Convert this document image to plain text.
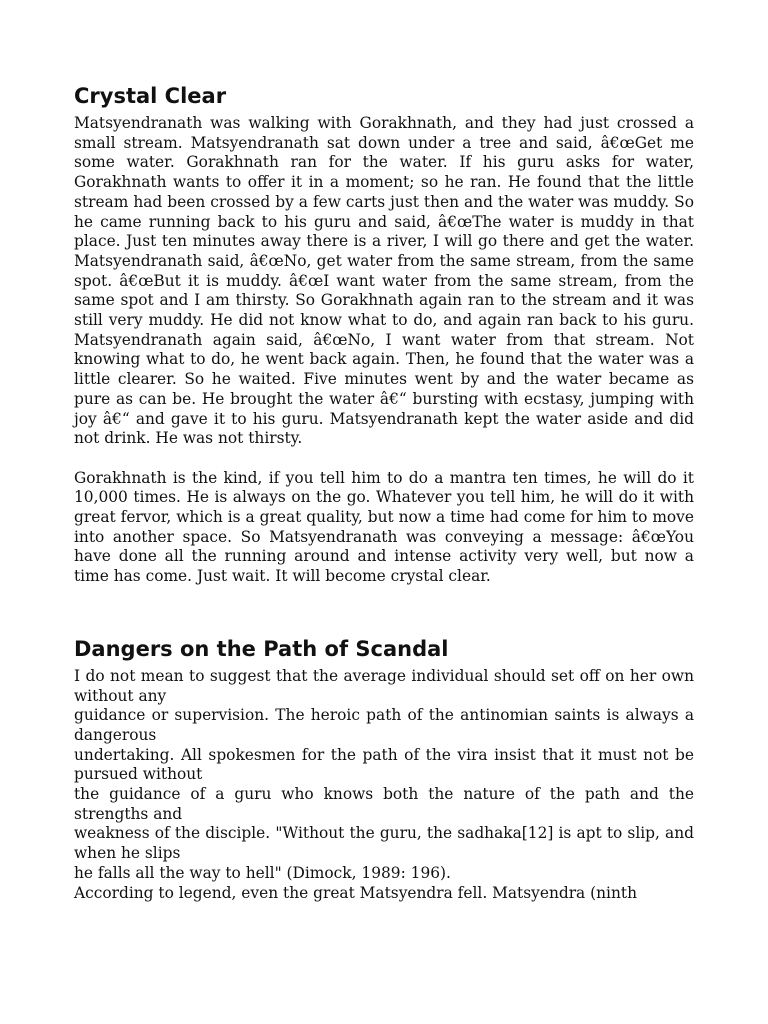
Crystal Clear

Matsyendranath was walking with Gorakhnath, and they had just crossed a small stream. Matsyendranath sat down under a tree and said, â€œGet me some water. Gorakhnath ran for the water. If his guru asks for water, Gorakhnath wants to offer it in a moment; so he ran. He found that the little stream had been crossed by a few carts just then and the water was muddy. So he came running back to his guru and said, â€œThe water is muddy in that place. Just ten minutes away there is a river, I will go there and get the water. Matsyendranath said, â€œNo, get water from the same stream, from the same spot. â€œBut it is muddy. â€œI want water from the same stream, from the same spot and I am thirsty. So Gorakhnath again ran to the stream and it was still very muddy. He did not know what to do, and again ran back to his guru. Matsyendranath again said, â€œNo, I want water from that stream. Not knowing what to do, he went back again. Then, he found that the water was a little clearer. So he waited. Five minutes went by and the water became as pure as can be. He brought the water â€“ bursting with ecstasy, jumping with joy â€“ and gave it to his guru. Matsyendranath kept the water aside and did not drink. He was not thirsty.

Gorakhnath is the kind, if you tell him to do a mantra ten times, he will do it 10,000 times. He is always on the go. Whatever you tell him, he will do it with great fervor, which is a great quality, but now a time had come for him to move into another space. So Matsyendranath was conveying a message: â€œYou have done all the running around and intense activity very well, but now a time has come. Just wait. It will become crystal clear.

Dangers on the Path of Scandal

I do not mean to suggest that the average individual should set off on her own without any

guidance or supervision. The heroic path of the antinomian saints is always a dangerous

undertaking. All spokesmen for the path of the vira insist that it must not be pursued without

the guidance of a guru who knows both the nature of the path and the strengths and

weakness of the disciple. "Without the guru, the sadhaka[12] is apt to slip, and when he slips

he falls all the way to hell" (Dimock, 1989: 196).

According to legend, even the great Matsyendra fell. Matsyendra (ninth
